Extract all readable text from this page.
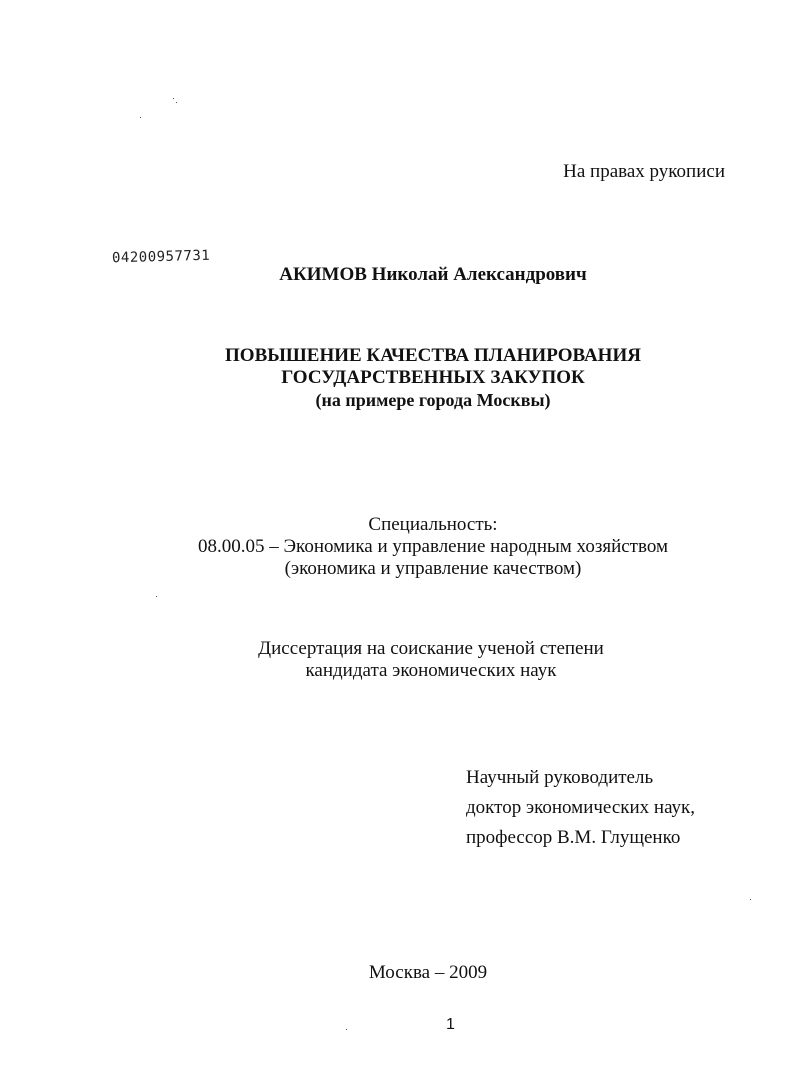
На правах рукописи
04200957731
АКИМОВ Николай Александрович
ПОВЫШЕНИЕ КАЧЕСТВА ПЛАНИРОВАНИЯ
ГОСУДАРСТВЕННЫХ ЗАКУПОК
(на примере города Москвы)
Специальность:
08.00.05 – Экономика и управление народным хозяйством
(экономика и управление качеством)
Диссертация на соискание ученой степени
кандидата экономических наук
Научный руководитель
доктор экономических наук,
профессор В.М. Глущенко
Москва – 2009
1
